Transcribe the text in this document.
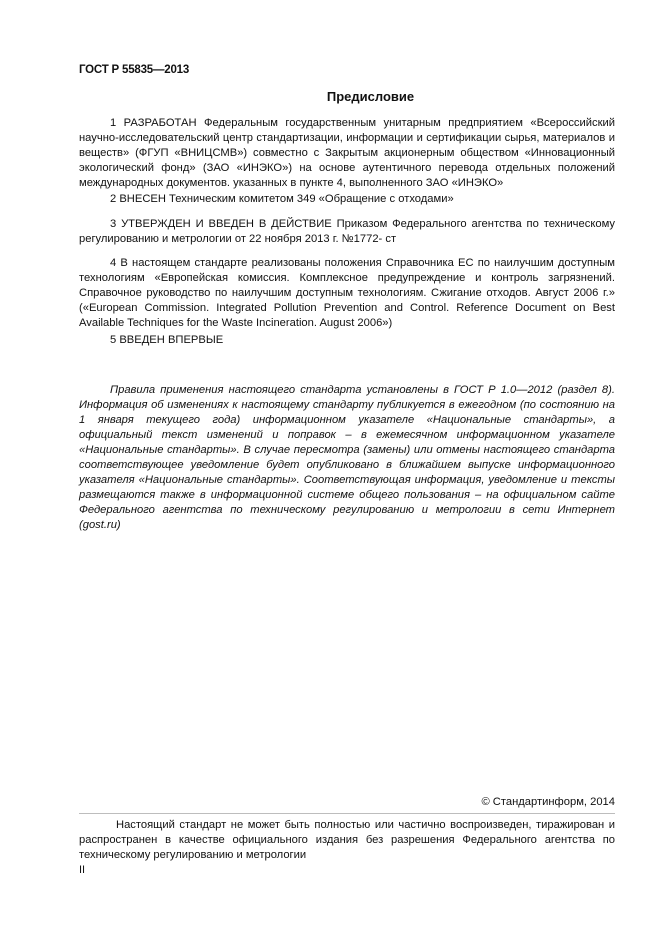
ГОСТ Р 55835—2013
Предисловие
1 РАЗРАБОТАН Федеральным государственным унитарным предприятием «Всероссийский научно-исследовательский центр стандартизации, информации и сертификации сырья, материалов и веществ» (ФГУП «ВНИЦСМВ») совместно с Закрытым акционерным обществом «Инновационный экологический фонд» (ЗАО «ИНЭКО») на основе аутентичного перевода отдельных положений международных документов. указанных в пункте 4, выполненного ЗАО «ИНЭКО»
2 ВНЕСЕН Техническим комитетом 349 «Обращение с отходами»
3 УТВЕРЖДЕН И ВВЕДЕН В ДЕЙСТВИЕ Приказом Федерального агентства по техническому регулированию и метрологии от 22 ноября 2013 г. №1772- ст
4 В настоящем стандарте реализованы положения Справочника ЕС по наилучшим доступным технологиям «Европейская комиссия. Комплексное предупреждение и контроль загрязнений. Справочное руководство по наилучшим доступным технологиям. Сжигание отходов. Август 2006 г.» («European Commission. Integrated Pollution Prevention and Control. Reference Document on Best Available Techniques for the Waste Incineration. August 2006»)
5 ВВЕДЕН ВПЕРВЫЕ
Правила применения настоящего стандарта установлены в ГОСТ Р 1.0—2012 (раздел 8). Информация об изменениях к настоящему стандарту публикуется в ежегодном (по состоянию на 1 января текущего года) информационном указателе «Национальные стандарты», а официальный текст изменений и поправок – в ежемесячном информационном указателе «Национальные стандарты». В случае пересмотра (замены) или отмены настоящего стандарта соответствующее уведомление будет опубликовано в ближайшем выпуске информационного указателя «Национальные стандарты». Соответствующая информация, уведомление и тексты размещаются также в информационной системе общего пользования – на официальном сайте Федерального агентства по техническому регулированию и метрологии в сети Интернет (gost.ru)
© Стандартинформ, 2014
Настоящий стандарт не может быть полностью или частично воспроизведен, тиражирован и распространен в качестве официального издания без разрешения Федерального агентства по техническому регулированию и метрологии
II
